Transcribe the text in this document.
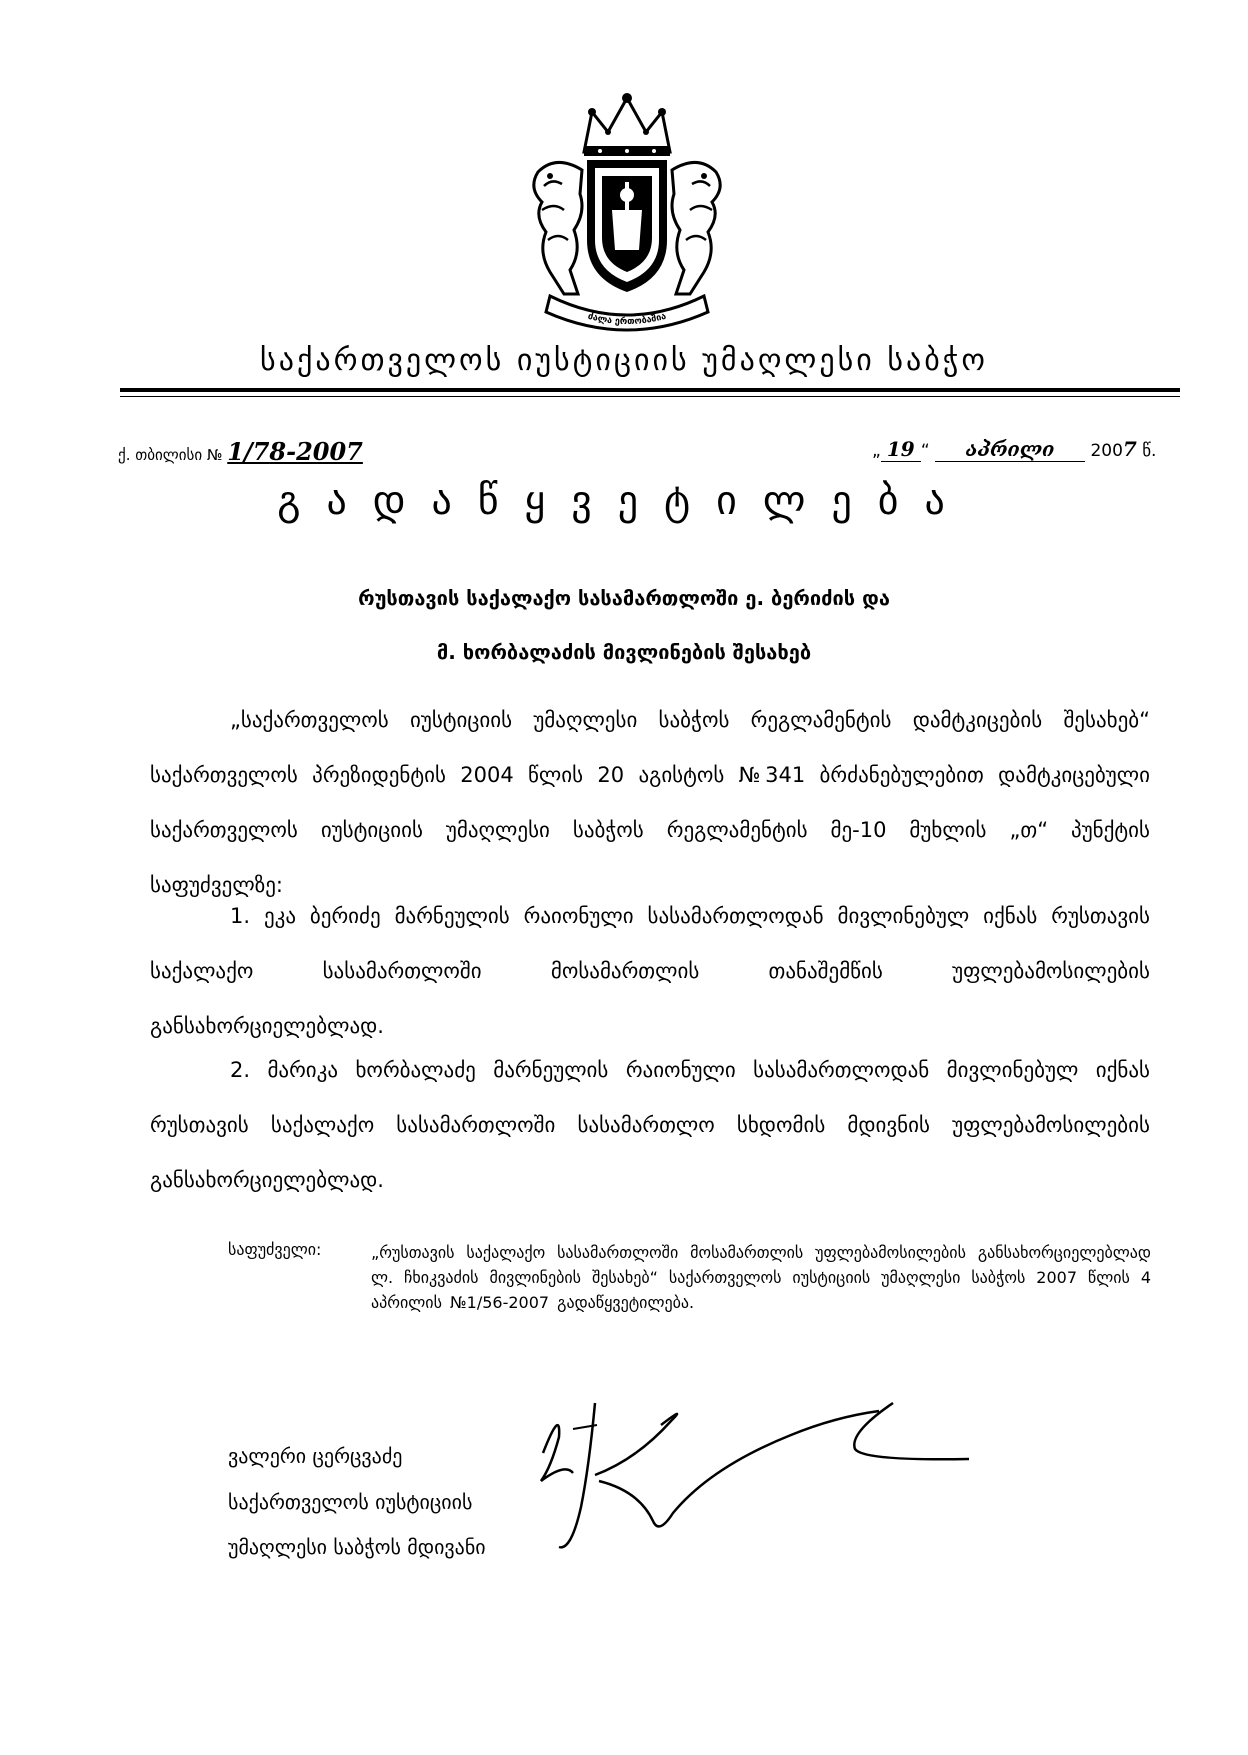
ძალა ერთობაშია
საქართველოს იუსტიციის უმაღლესი საბჭო
ქ. თბილისი № 1/78-2007	„ 19 “ აპრილი 2007 წ.
გადაწყვეტილება
რუსთავის საქალაქო სასამართლოში ე. ბერიძის და
მ. ხორბალაძის მივლინების შესახებ
„საქართველოს იუსტიციის უმაღლესი საბჭოს რეგლამენტის დამტკიცების შესახებ“ საქართველოს პრეზიდენტის 2004 წლის 20 აგისტოს №341 ბრძანებულებით დამტკიცებული საქართველოს იუსტიციის უმაღლესი საბჭოს რეგლამენტის მე-10 მუხლის „თ“ პუნქტის საფუძველზე:
1. ეკა ბერიძე მარნეულის რაიონული სასამართლოდან მივლინებულ იქნას რუსთავის საქალაქო სასამართლოში მოსამართლის თანაშემწის უფლებამოსილების განსახორციელებლად.
2. მარიკა ხორბალაძე მარნეულის რაიონული სასამართლოდან მივლინებულ იქნას რუსთავის საქალაქო სასამართლოში სასამართლო სხდომის მდივნის უფლებამოსილების განსახორციელებლად.
საფუძველი:	„რუსთავის საქალაქო სასამართლოში მოსამართლის უფლებამოსილების განსახორციელებლად ლ. ჩხიკვაძის მივლინების შესახებ“ საქართველოს იუსტიციის უმაღლესი საბჭოს 2007 წლის 4 აპრილის №1/56-2007 გადაწყვეტილება.
ვალერი ცერცვაძე
საქართველოს იუსტიციის
უმაღლესი საბჭოს მდივანი
